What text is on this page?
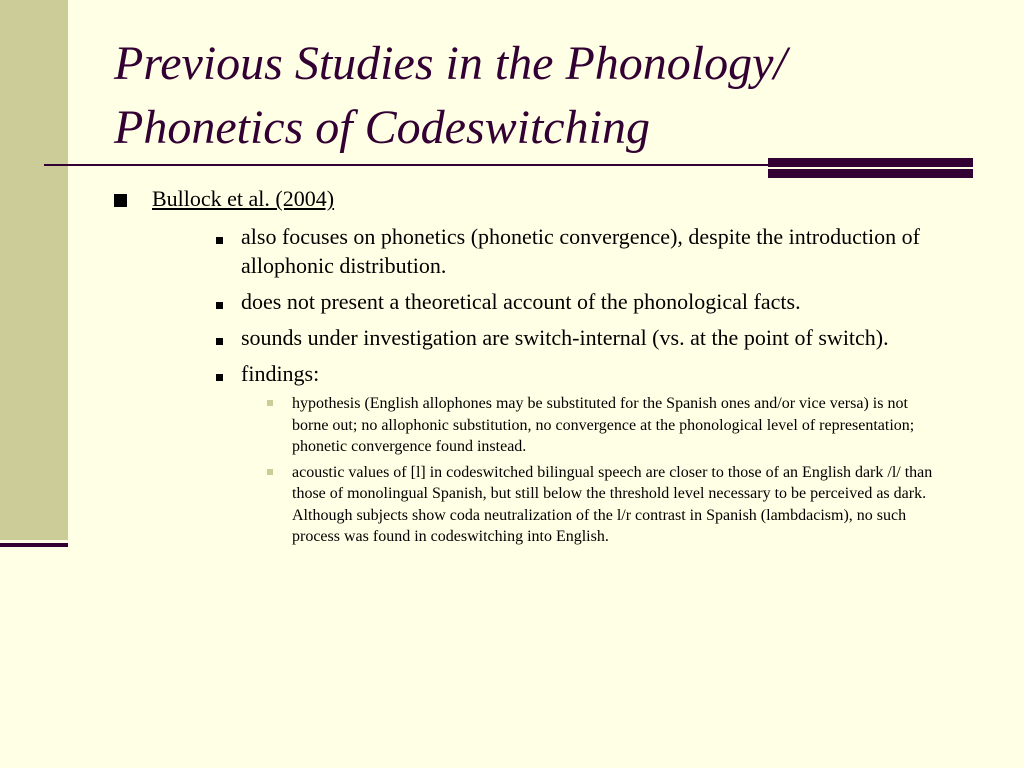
Previous Studies in the Phonology/
Phonetics of Codeswitching
Bullock et al. (2004)
also focuses on phonetics (phonetic convergence), despite the introduction of allophonic distribution.
does not present a theoretical account of the phonological facts.
sounds under investigation are switch-internal (vs. at the point of switch).
findings:
hypothesis (English allophones may be substituted for the Spanish ones and/or vice versa) is not borne out; no allophonic substitution, no convergence at the phonological level of representation; phonetic convergence found instead.
acoustic values of [l] in codeswitched bilingual speech are closer to those of an English dark /l/ than those of monolingual Spanish, but still below the threshold level necessary to be perceived as dark. Although subjects show coda neutralization of the l/r contrast in Spanish (lambdacism), no such process was found in codeswitching into English.
